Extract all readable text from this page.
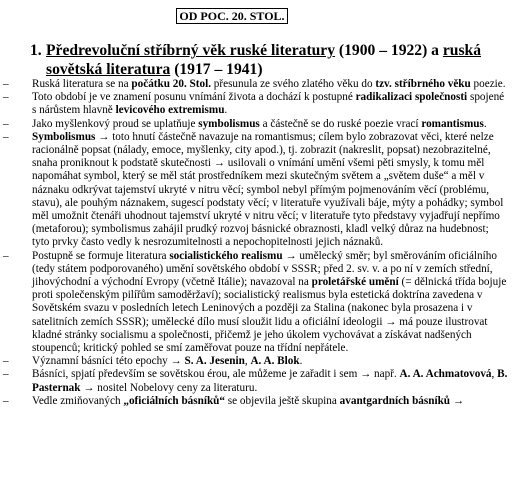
OD POC. 20. STOL.
1. Předrevoluční stříbrný věk ruské literatury (1900 – 1922) a ruská
sovětská literatura (1917 – 1941)
– Ruská literatura se na počátku 20. Stol. přesunula ze svého zlatého věku do tzv. stříbrného věku poezie.
– Toto období je ve znamení posunu vnímání života a dochází k postupné radikalizaci společnosti spojené s nárůstem hlavně levicového extremismu.
– Jako myšlenkový proud se uplatňuje symbolismus a částečně se do ruské poezie vrací romantismus.
– Symbolismus → toto hnutí částečně navazuje na romantismus; cílem bylo zobrazovat věci, které nelze racionálně popsat (nálady, emoce, myšlenky, city apod.), tj. zobrazit (nakreslit, popsat) nezobrazitelné, snaha proniknout k podstatě skutečnosti → usilovali o vnímání umění všemi pěti smysly, k tomu měl napomáhat symbol, který se měl stát prostředníkem mezi skutečným světem a „světem duše“ a měl v náznaku odkrývat tajemství ukryté v nitru věcí; symbol nebyl přímým pojmenováním věcí (problému, stavu), ale pouhým náznakem, sugescí podstaty věcí; v literatuře využívali báje, mýty a pohádky; symbol měl umožnit čtenáři uhodnout tajemství ukryté v nitru věcí; v literatuře tyto představy vyjadřují nepřímo (metaforou); symbolismus zahájil prudký rozvoj básnické obraznosti, kladl velký důraz na hudebnost; tyto prvky často vedly k nesrozumitelnosti a nepochopitelnosti jejich náznaků.
– Postupně se formuje literatura socialistického realismu → umělecký směr; byl směrováním oficiálního (tedy státem podporovaného) umění sovětského období v SSSR; před 2. sv. v. a po ní v zemích střední, jihovýchodní a východní Evropy (včetně Itálie); navazoval na proletářské umění (= dělnická třída bojuje proti společenským pilířům samoděržaví); socialistický realismus byla estetická doktrína zavedena v Sovětském svazu v posledních letech Leninových a později za Stalina (nakonec byla prosazena i v satelitních zemích SSSR); umělecké dílo musí sloužit lidu a oficiální ideologii → má pouze ilustrovat kladné stránky socialismu a společnosti, přičemž je jeho úkolem vychovávat a získávat nadšených stoupenců; kritický pohled se smí zaměřovat pouze na třídní nepřátele.
– Významní básníci této epochy → S. A. Jesenin, A. A. Blok.
– Básníci, spjatí především se sovětskou érou, ale můžeme je zařadit i sem → např. A. A. Achmatovová, B. Pasternak → nositel Nobelovy ceny za literaturu.
– Vedle zmiňovaných „oficiálních básníků“ se objevila ještě skupina avantgardních básníků →
